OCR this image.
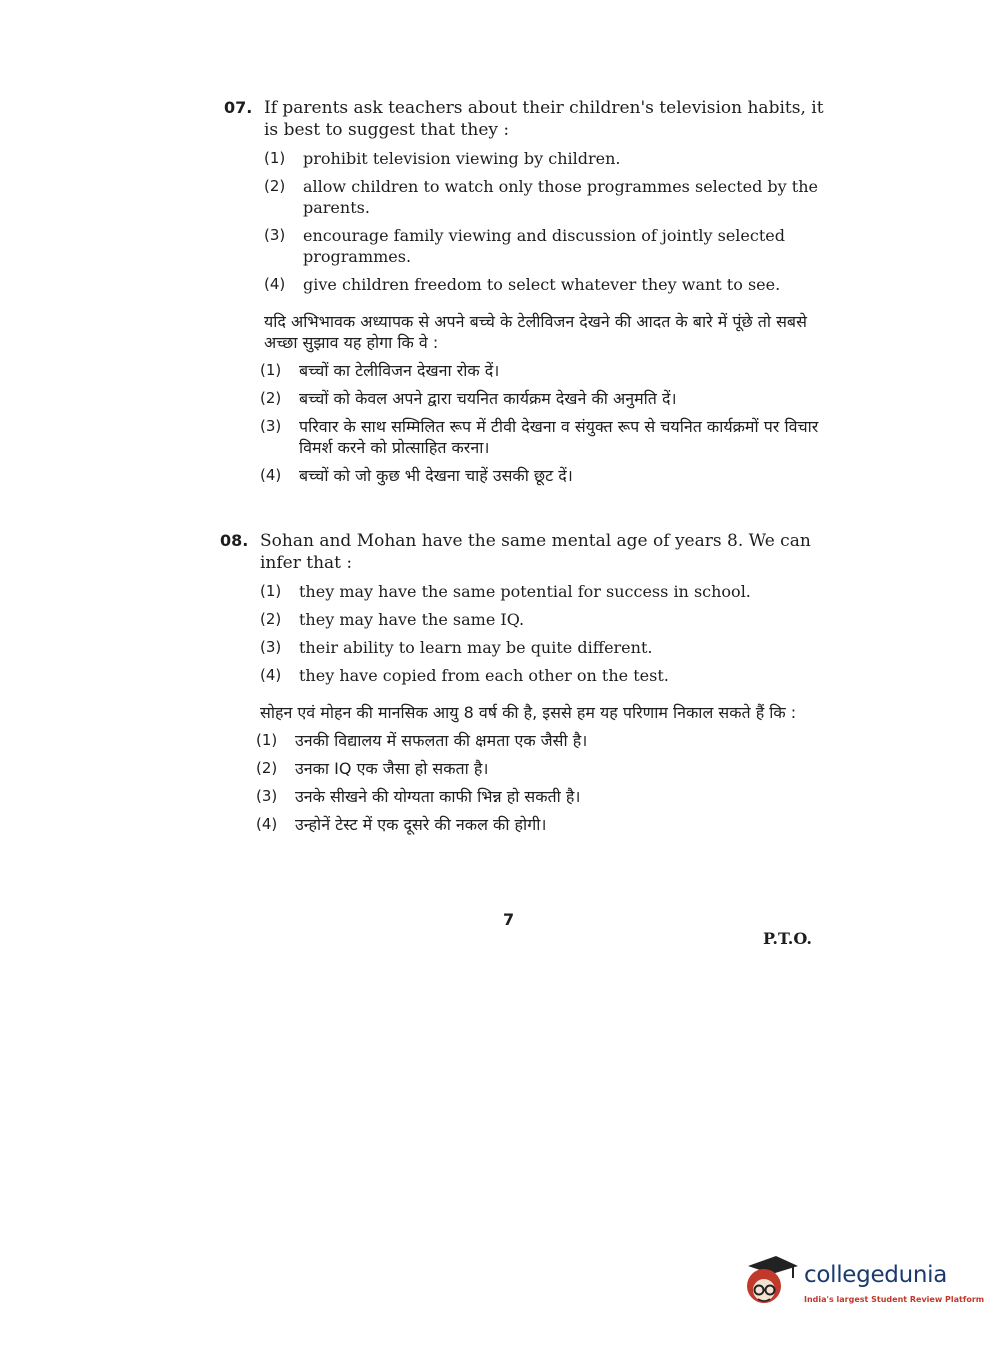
07. If parents ask teachers about their children's television habits, it is best to suggest that they :
(1)	prohibit television viewing by children.
(2)	allow children to watch only those programmes selected by the parents.
(3)	encourage family viewing and discussion of jointly selected programmes.
(4)	give children freedom to select whatever they want to see.
यदि अभिभावक अध्यापक से अपने बच्चे के टेलीविजन देखने की आदत के बारे में पूंछे तो सबसे अच्छा सुझाव यह होगा कि वे :
(1)	बच्चों का टेलीविजन देखना रोक दें।
(2)	बच्चों को केवल अपने द्वारा चयनित कार्यक्रम देखने की अनुमति दें।
(3)	परिवार के साथ सम्मिलित रूप में टीवी देखना व संयुक्त रूप से चयनित कार्यक्रमों पर विचार विमर्श करने को प्रोत्साहित करना।
(4)	बच्चों को जो कुछ भी देखना चाहें उसकी छूट दें।
08. Sohan and Mohan have the same mental age of years 8. We can infer that :
(1)	they may have the same potential for success in school.
(2)	they may have the same IQ.
(3)	their ability to learn may be quite different.
(4)	they have copied from each other on the test.
सोहन एवं मोहन की मानसिक आयु 8 वर्ष की है, इससे हम यह परिणाम निकाल सकते हैं कि :
(1)	उनकी विद्यालय में सफलता की क्षमता एक जैसी है।
(2)	उनका IQ एक जैसा हो सकता है।
(3)	उनके सीखने की योग्यता काफी भिन्न हो सकती है।
(4)	उन्होनें टेस्ट में एक दूसरे की नकल की होगी।
7
P.T.O.
collegedunia
India's largest Student Review Platform
